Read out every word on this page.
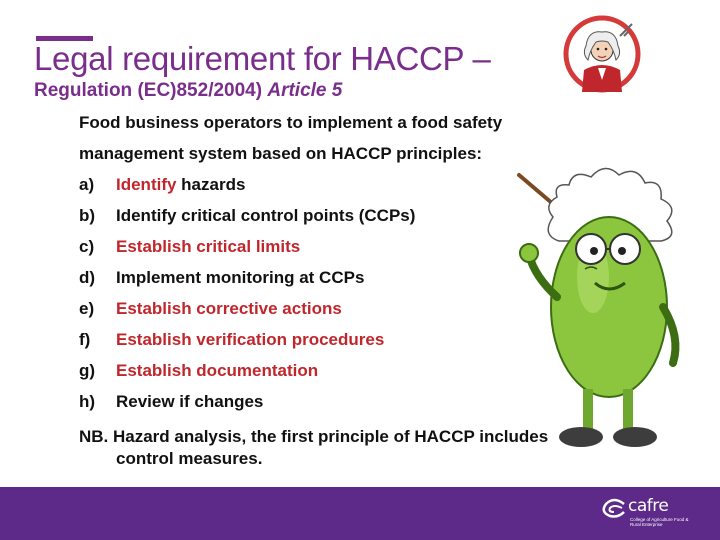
Legal requirement for HACCP –
Regulation (EC)852/2004) Article 5

Food business operators to implement a food safety
management system based on HACCP principles:

a)	Identify hazards
b)	Identify critical control points (CCPs)
c)	Establish critical limits
d)	Implement monitoring at CCPs
e)	Establish corrective actions
f)	Establish verification procedures
g)	Establish documentation
h)	Review if changes

NB. Hazard analysis, the first principle of HACCP includes
control measures.

cafre
College of Agriculture Food & Rural Enterprise
